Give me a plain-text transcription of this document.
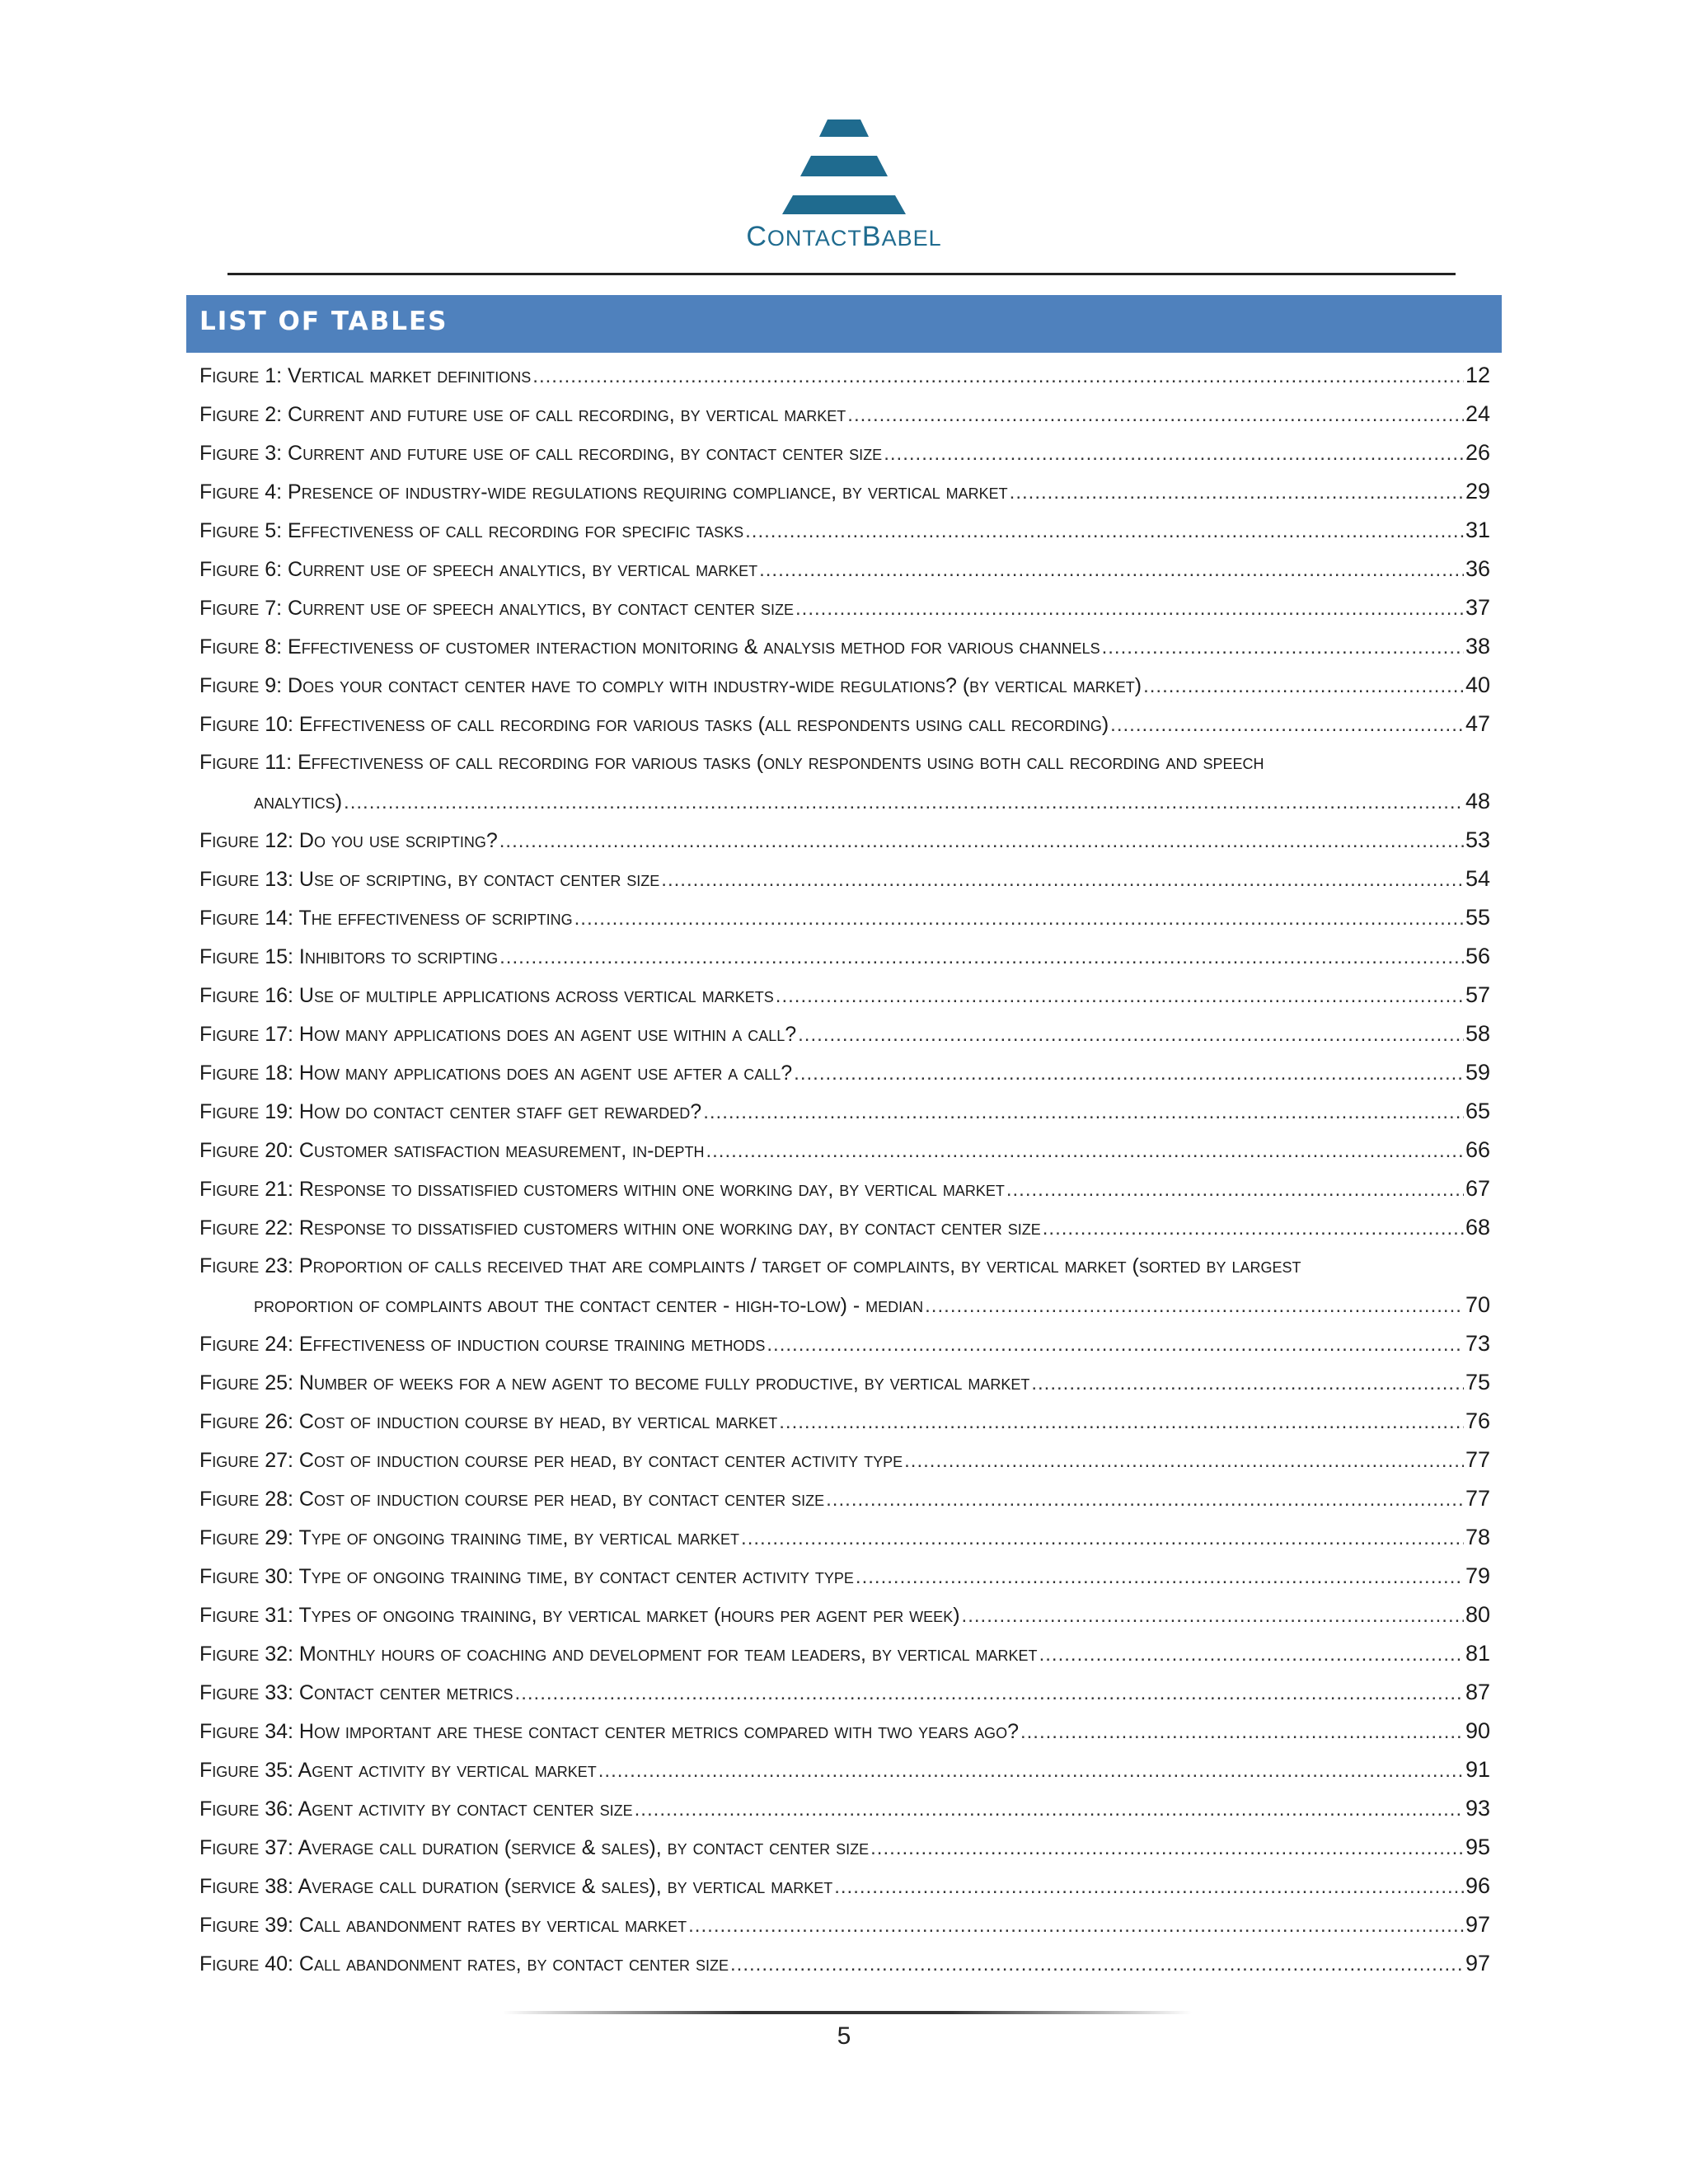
CONTACTBABEL
LIST OF TABLES
Figure 1: Vertical market definitions .....	12
Figure 2: Current and future use of call recording, by vertical market .....	24
Figure 3: Current and future use of call recording, by contact center size .....	26
Figure 4: Presence of industry-wide regulations requiring compliance, by vertical market .....	29
Figure 5: Effectiveness of call recording for specific tasks .....	31
Figure 6: Current use of speech analytics, by vertical market .....	36
Figure 7: Current use of speech analytics, by contact center size .....	37
Figure 8: Effectiveness of customer interaction monitoring & analysis method for various channels .....	38
Figure 9: Does your contact center have to comply with industry-wide regulations? (by vertical market) .....	40
Figure 10: Effectiveness of call recording for various tasks (all respondents using call recording) .....	47
Figure 11: Effectiveness of call recording for various tasks (only respondents using both call recording and speech
analytics) .....	48
Figure 12: Do you use scripting? .....	53
Figure 13: Use of scripting, by contact center size .....	54
Figure 14: The effectiveness of scripting .....	55
Figure 15: Inhibitors to scripting .....	56
Figure 16: Use of multiple applications across vertical markets .....	57
Figure 17: How many applications does an agent use within a call? .....	58
Figure 18: How many applications does an agent use after a call? .....	59
Figure 19: How do contact center staff get rewarded? .....	65
Figure 20: Customer satisfaction measurement, in-depth .....	66
Figure 21: Response to dissatisfied customers within one working day, by vertical market .....	67
Figure 22: Response to dissatisfied customers within one working day, by contact center size .....	68
Figure 23: Proportion of calls received that are complaints / target of complaints, by vertical market (sorted by largest
proportion of complaints about the contact center - high-to-low) - median .....	70
Figure 24: Effectiveness of induction course training methods .....	73
Figure 25: Number of weeks for a new agent to become fully productive, by vertical market .....	75
Figure 26: Cost of induction course by head, by vertical market .....	76
Figure 27: Cost of induction course per head, by contact center activity type .....	77
Figure 28: Cost of induction course per head, by contact center size .....	77
Figure 29: Type of ongoing training time, by vertical market .....	78
Figure 30: Type of ongoing training time, by contact center activity type .....	79
Figure 31: Types of ongoing training, by vertical market (hours per agent per week) .....	80
Figure 32: Monthly hours of coaching and development for team leaders, by vertical market .....	81
Figure 33: Contact center metrics .....	87
Figure 34: How important are these contact center metrics compared with two years ago? .....	90
Figure 35: Agent activity by vertical market .....	91
Figure 36: Agent activity by contact center size .....	93
Figure 37: Average call duration (service & sales), by contact center size .....	95
Figure 38: Average call duration (service & sales), by vertical market .....	96
Figure 39: Call abandonment rates by vertical market .....	97
Figure 40: Call abandonment rates, by contact center size .....	97
5
